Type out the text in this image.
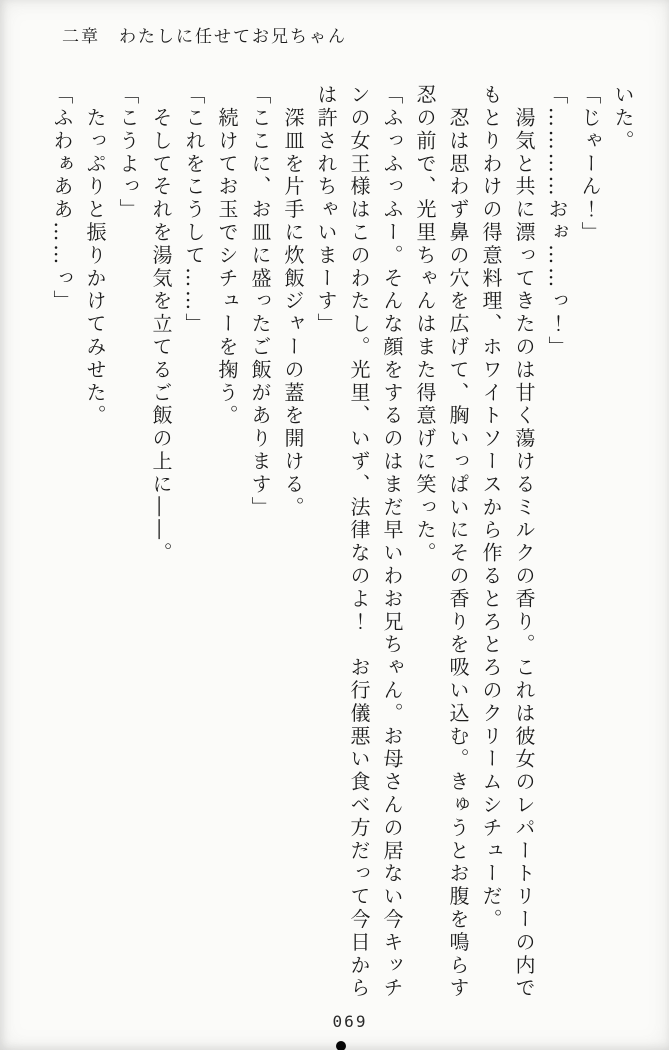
二章　わたしに任せてお兄ちゃん

いた。

「じゃーん！」

「…………おぉ……っ！」

　湯気と共に漂ってきたのは甘く蕩けるミルクの香り。これは彼女のレパートリーの内でもとりわけの得意料理、ホワイトソースから作るとろとろのクリームシチューだ。

　忍は思わず鼻の穴を広げて、胸いっぱいにその香りを吸い込む。きゅうとお腹を鳴らす忍の前で、光里ちゃんはまた得意げに笑った。

「ふっふっふー。そんな顔をするのはまだ早いわお兄ちゃん。お母さんの居ない今キッチンの女王様はこのわたし。光里、いず、法律なのよ！　お行儀悪い食べ方だって今日からは許されちゃいまーす」

　深皿を片手に炊飯ジャーの蓋を開ける。

「ここに、お皿に盛ったご飯があります」

　続けてお玉でシチューを掬う。

「これをこうして……」

　そしてそれを湯気を立てるご飯の上に――。

「こうよっ」

　たっぷりと振りかけてみせた。

「ふわぁああ……っ」

069
